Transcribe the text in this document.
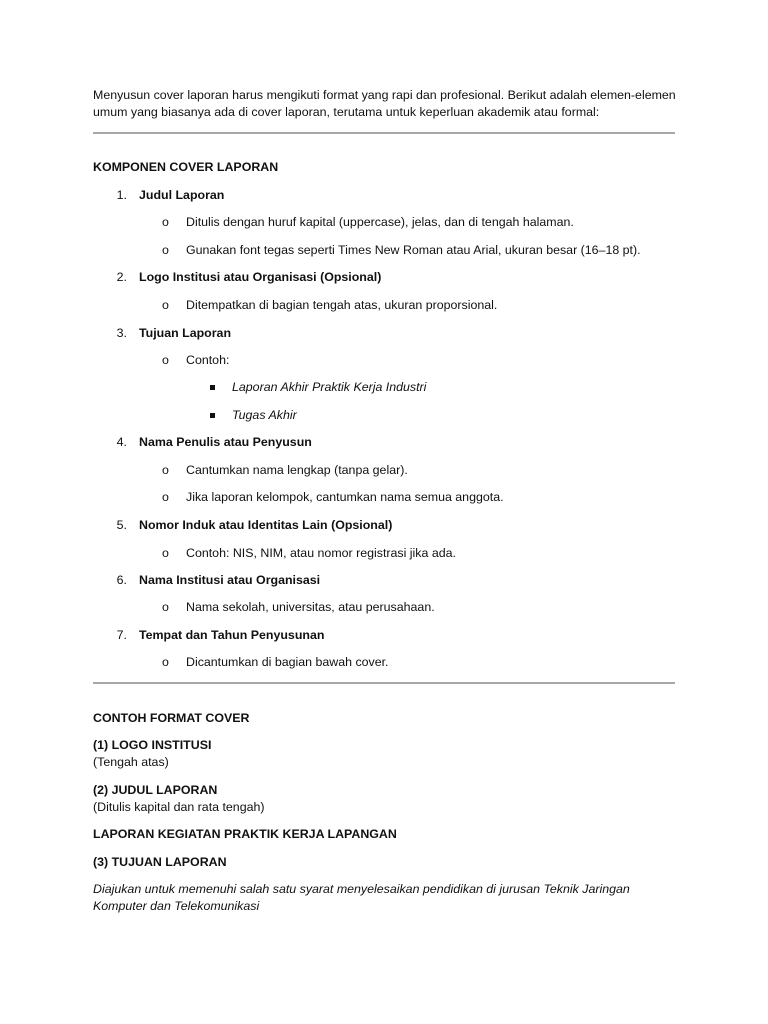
Menyusun cover laporan harus mengikuti format yang rapi dan profesional. Berikut adalah elemen-elemen umum yang biasanya ada di cover laporan, terutama untuk keperluan akademik atau formal:
KOMPONEN COVER LAPORAN
1. Judul Laporan
o Ditulis dengan huruf kapital (uppercase), jelas, dan di tengah halaman.
o Gunakan font tegas seperti Times New Roman atau Arial, ukuran besar (16–18 pt).
2. Logo Institusi atau Organisasi (Opsional)
o Ditempatkan di bagian tengah atas, ukuran proporsional.
3. Tujuan Laporan
o Contoh:
Laporan Akhir Praktik Kerja Industri
Tugas Akhir
4. Nama Penulis atau Penyusun
o Cantumkan nama lengkap (tanpa gelar).
o Jika laporan kelompok, cantumkan nama semua anggota.
5. Nomor Induk atau Identitas Lain (Opsional)
o Contoh: NIS, NIM, atau nomor registrasi jika ada.
6. Nama Institusi atau Organisasi
o Nama sekolah, universitas, atau perusahaan.
7. Tempat dan Tahun Penyusunan
o Dicantumkan di bagian bawah cover.
CONTOH FORMAT COVER
(1) LOGO INSTITUSI
(Tengah atas)
(2) JUDUL LAPORAN
(Ditulis kapital dan rata tengah)
LAPORAN KEGIATAN PRAKTIK KERJA LAPANGAN
(3) TUJUAN LAPORAN
Diajukan untuk memenuhi salah satu syarat menyelesaikan pendidikan di jurusan Teknik Jaringan Komputer dan Telekomunikasi
